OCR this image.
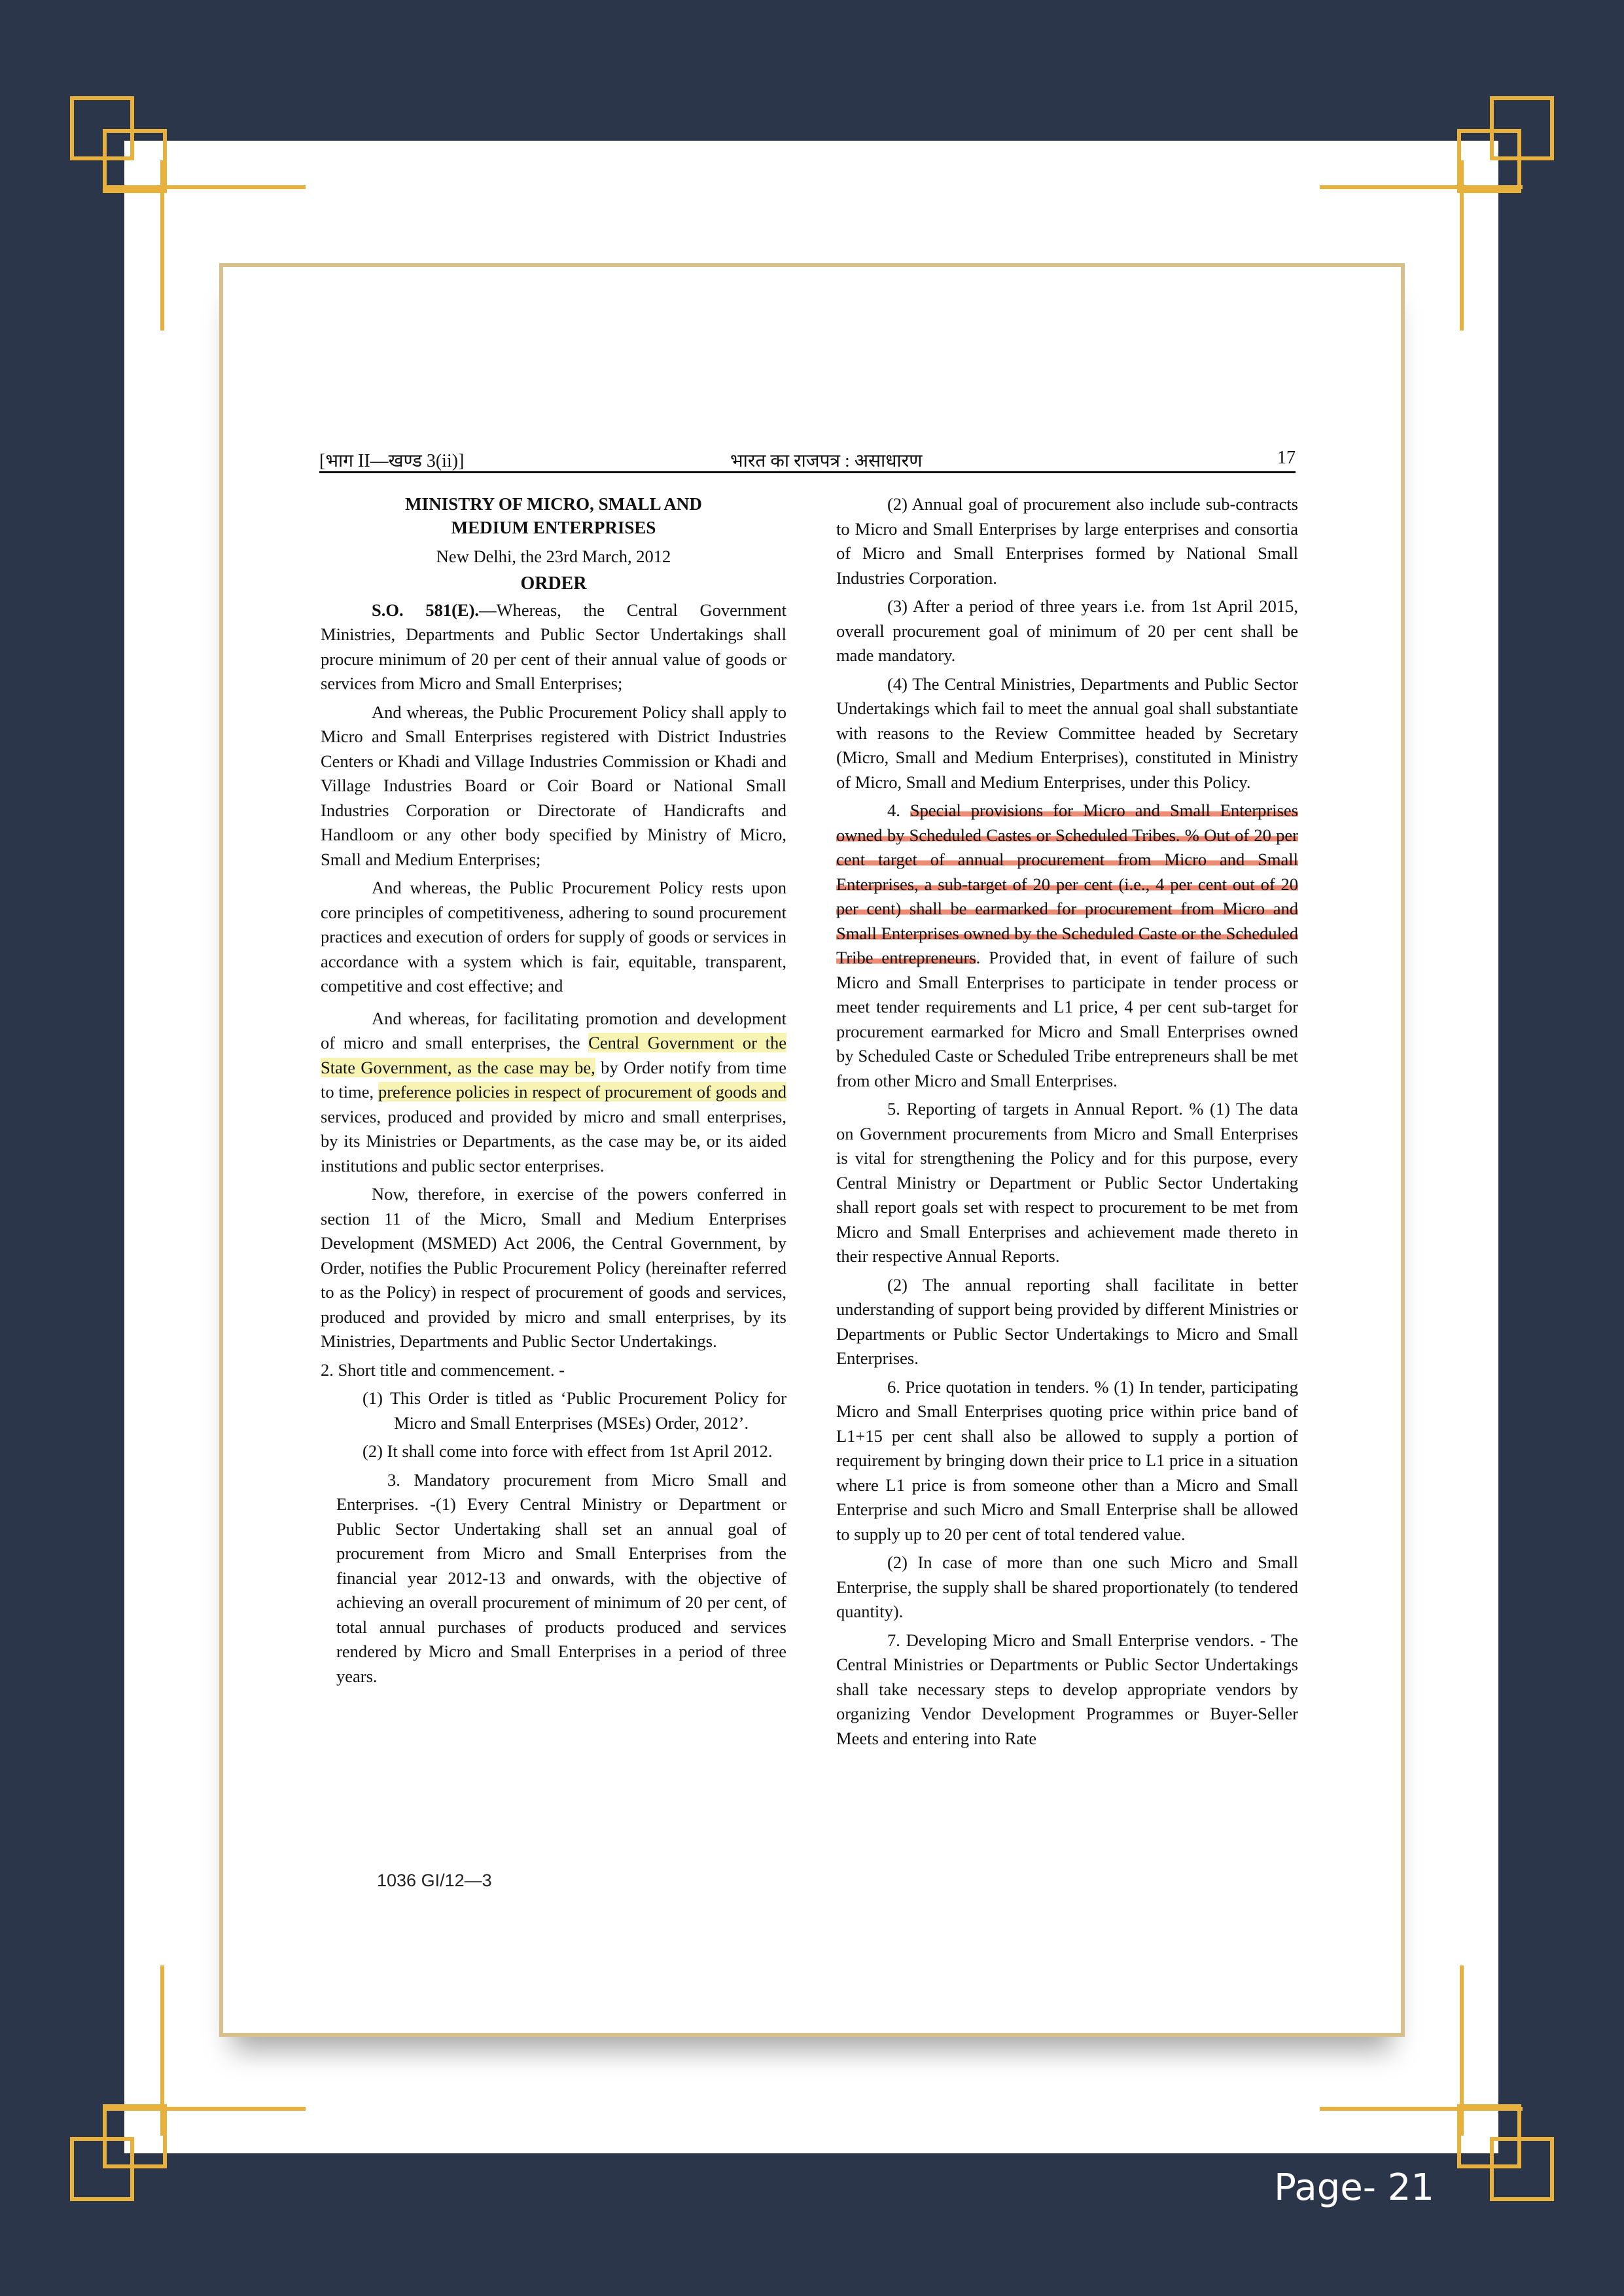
[भाग II—खण्ड 3(ii)]	भारत का राजपत्र : असाधारण	17
MINISTRY OF MICRO, SMALL AND
MEDIUM ENTERPRISES

New Delhi, the 23rd March, 2012

ORDER

S.O. 581(E).—Whereas, the Central Government Ministries, Departments and Public Sector Undertakings shall procure minimum of 20 per cent of their annual value of goods or services from Micro and Small Enterprises;

And whereas, the Public Procurement Policy shall apply to Micro and Small Enterprises registered with District Industries Centers or Khadi and Village Industries Commission or Khadi and Village Industries Board or Coir Board or National Small Industries Corporation or Directorate of Handicrafts and Handloom or any other body specified by Ministry of Micro, Small and Medium Enterprises;

And whereas, the Public Procurement Policy rests upon core principles of competitiveness, adhering to sound procurement practices and execution of orders for supply of goods or services in accordance with a system which is fair, equitable, transparent, competitive and cost effective; and

And whereas, for facilitating promotion and development of micro and small enterprises, the Central Government or the State Government, as the case may be, by Order notify from time to time, preference policies in respect of procurement of goods and services, produced and provided by micro and small enterprises, by its Ministries or Departments, as the case may be, or its aided institutions and public sector enterprises.

Now, therefore, in exercise of the powers conferred in section 11 of the Micro, Small and Medium Enterprises Development (MSMED) Act 2006, the Central Government, by Order, notifies the Public Procurement Policy (hereinafter referred to as the Policy) in respect of procurement of goods and services, produced and provided by micro and small enterprises, by its Ministries, Departments and Public Sector Undertakings.

2. Short title and commencement. -

(1) This Order is titled as ‘Public Procurement Policy for Micro and Small Enterprises (MSEs) Order, 2012’.

(2) It shall come into force with effect from 1st April 2012.

3. Mandatory procurement from Micro Small and Enterprises. -(1) Every Central Ministry or Department or Public Sector Undertaking shall set an annual goal of procurement from Micro and Small Enterprises from the financial year 2012-13 and onwards, with the objective of achieving an overall procurement of minimum of 20 per cent, of total annual purchases of products produced and services rendered by Micro and Small Enterprises in a period of three years.

(2) Annual goal of procurement also include sub-contracts to Micro and Small Enterprises by large enterprises and consortia of Micro and Small Enterprises formed by National Small Industries Corporation.

(3) After a period of three years i.e. from 1st April 2015, overall procurement goal of minimum of 20 per cent shall be made mandatory.

(4) The Central Ministries, Departments and Public Sector Undertakings which fail to meet the annual goal shall substantiate with reasons to the Review Committee headed by Secretary (Micro, Small and Medium Enterprises), constituted in Ministry of Micro, Small and Medium Enterprises, under this Policy.

4. Special provisions for Micro and Small Enterprises owned by Scheduled Castes or Scheduled Tribes. % Out of 20 per cent target of annual procurement from Micro and Small Enterprises, a sub-target of 20 per cent (i.e., 4 per cent out of 20 per cent) shall be earmarked for procurement from Micro and Small Enterprises owned by the Scheduled Caste or the Scheduled Tribe entrepreneurs. Provided that, in event of failure of such Micro and Small Enterprises to participate in tender process or meet tender requirements and L1 price, 4 per cent sub-target for procurement earmarked for Micro and Small Enterprises owned by Scheduled Caste or Scheduled Tribe entrepreneurs shall be met from other Micro and Small Enterprises.

5. Reporting of targets in Annual Report. % (1) The data on Government procurements from Micro and Small Enterprises is vital for strengthening the Policy and for this purpose, every Central Ministry or Department or Public Sector Undertaking shall report goals set with respect to procurement to be met from Micro and Small Enterprises and achievement made thereto in their respective Annual Reports.

(2) The annual reporting shall facilitate in better understanding of support being provided by different Ministries or Departments or Public Sector Undertakings to Micro and Small Enterprises.

6. Price quotation in tenders. % (1) In tender, participating Micro and Small Enterprises quoting price within price band of L1+15 per cent shall also be allowed to supply a portion of requirement by bringing down their price to L1 price in a situation where L1 price is from someone other than a Micro and Small Enterprise and such Micro and Small Enterprise shall be allowed to supply up to 20 per cent of total tendered value.

(2) In case of more than one such Micro and Small Enterprise, the supply shall be shared proportionately (to tendered quantity).

7. Developing Micro and Small Enterprise vendors. - The Central Ministries or Departments or Public Sector Undertakings shall take necessary steps to develop appropriate vendors by organizing Vendor Development Programmes or Buyer-Seller Meets and entering into Rate

1036 GI/12—3
Page- 21
